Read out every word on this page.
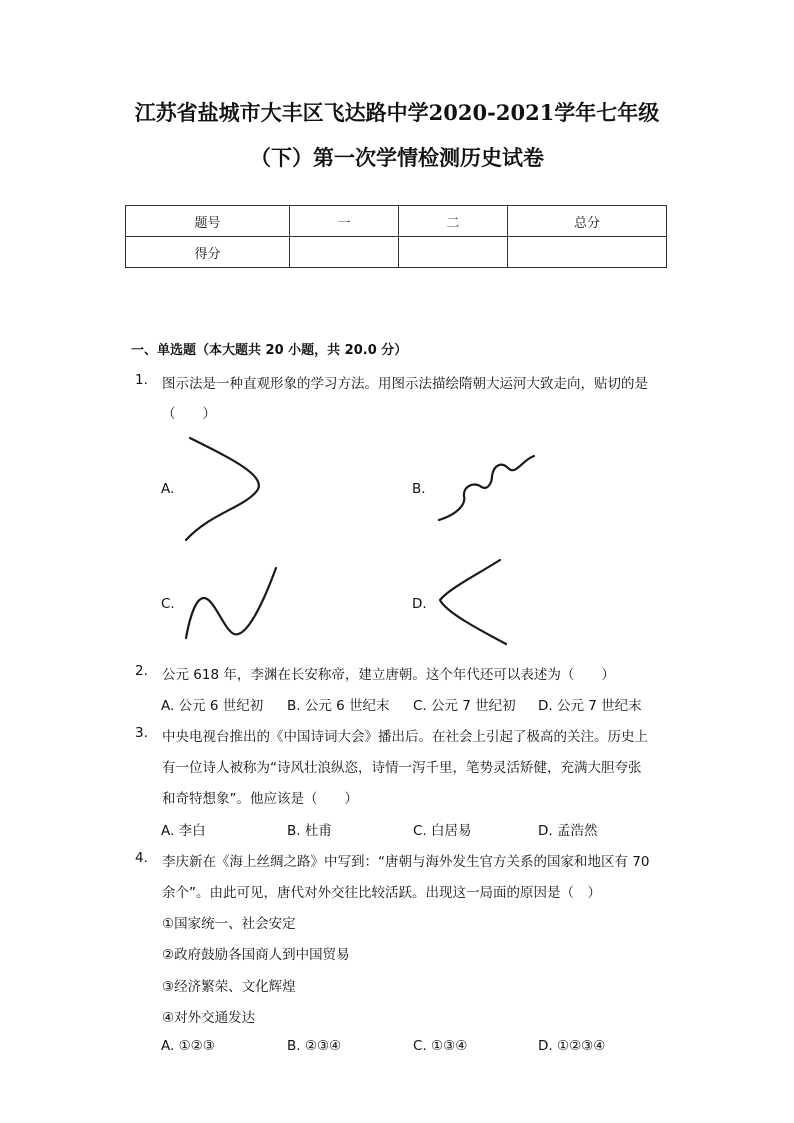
江苏省盐城市大丰区飞达路中学2020-2021学年七年级
（下）第一次学情检测历史试卷
题号	一	二	总分
得分			
一、单选题（本大题共 20 小题，共 20.0 分）
1. 图示法是一种直观形象的学习方法。用图示法描绘隋朝大运河大致走向，贴切的是
（　　）
A.	B.
C.	D.
2. 公元 618 年，李渊在长安称帝，建立唐朝。这个年代还可以表述为（　　）
A. 公元 6 世纪初 B. 公元 6 世纪末 C. 公元 7 世纪初 D. 公元 7 世纪末
3. 中央电视台推出的《中国诗词大会》播出后。在社会上引起了极高的关注。历史上
有一位诗人被称为“诗风壮浪纵恣，诗情一泻千里，笔势灵活矫健，充满大胆夸张
和奇特想象”。他应该是（　　）
A. 李白	B. 杜甫	C. 白居易	D. 孟浩然
4. 李庆新在《海上丝绸之路》中写到：“唐朝与海外发生官方关系的国家和地区有 70
余个”。由此可见，唐代对外交往比较活跃。出现这一局面的原因是（　）
①国家统一、社会安定
②政府鼓励各国商人到中国贸易
③经济繁荣、文化辉煌
④对外交通发达
A. ①②③	B. ②③④	C. ①③④	D. ①②③④
